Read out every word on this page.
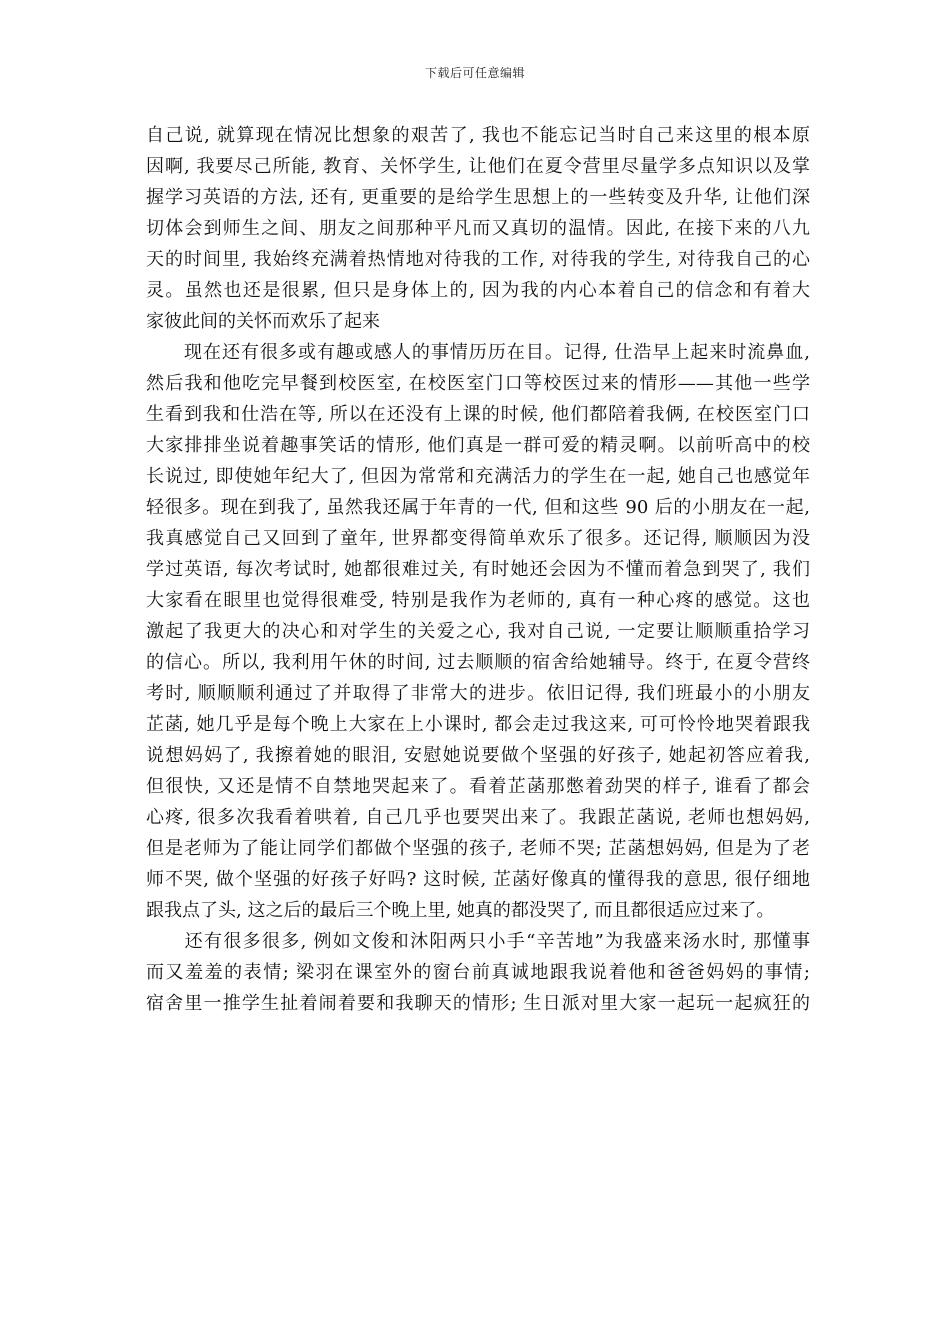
下载后可任意编辑
自己说, 就算现在情况比想象的艰苦了, 我也不能忘记当时自己来这里的根本原
因啊, 我要尽己所能, 教育、关怀学生, 让他们在夏令营里尽量学多点知识以及掌
握学习英语的方法, 还有, 更重要的是给学生思想上的一些转变及升华, 让他们深
切体会到师生之间、朋友之间那种平凡而又真切的温情。因此, 在接下来的八九
天的时间里, 我始终充满着热情地对待我的工作, 对待我的学生, 对待我自己的心
灵。虽然也还是很累, 但只是身体上的, 因为我的内心本着自己的信念和有着大
家彼此间的关怀而欢乐了起来
　　现在还有很多或有趣或感人的事情历历在目。记得, 仕浩早上起来时流鼻血,
然后我和他吃完早餐到校医室, 在校医室门口等校医过来的情形——其他一些学
生看到我和仕浩在等, 所以在还没有上课的时候, 他们都陪着我俩, 在校医室门口
大家排排坐说着趣事笑话的情形, 他们真是一群可爱的精灵啊。以前听高中的校
长说过, 即使她年纪大了, 但因为常常和充满活力的学生在一起, 她自己也感觉年
轻很多。现在到我了, 虽然我还属于年青的一代, 但和这些 90 后的小朋友在一起,
我真感觉自己又回到了童年, 世界都变得简单欢乐了很多。还记得, 顺顺因为没
学过英语, 每次考试时, 她都很难过关, 有时她还会因为不懂而着急到哭了, 我们
大家看在眼里也觉得很难受, 特别是我作为老师的, 真有一种心疼的感觉。这也
激起了我更大的决心和对学生的关爱之心, 我对自己说, 一定要让顺顺重拾学习
的信心。所以, 我利用午休的时间, 过去顺顺的宿舍给她辅导。终于, 在夏令营终
考时, 顺顺顺利通过了并取得了非常大的进步。依旧记得, 我们班最小的小朋友
芷菡, 她几乎是每个晚上大家在上小课时, 都会走过我这来, 可可怜怜地哭着跟我
说想妈妈了, 我擦着她的眼泪, 安慰她说要做个坚强的好孩子, 她起初答应着我,
但很快, 又还是情不自禁地哭起来了。看着芷菡那憋着劲哭的样子, 谁看了都会
心疼, 很多次我看着哄着, 自己几乎也要哭出来了。我跟芷菡说, 老师也想妈妈,
但是老师为了能让同学们都做个坚强的孩子, 老师不哭; 芷菡想妈妈, 但是为了老
师不哭, 做个坚强的好孩子好吗? 这时候, 芷菡好像真的懂得我的意思, 很仔细地
跟我点了头, 这之后的最后三个晚上里, 她真的都没哭了, 而且都很适应过来了。
　　还有很多很多, 例如文俊和沐阳两只小手“辛苦地”为我盛来汤水时, 那懂事
而又羞羞的表情; 梁羽在课室外的窗台前真诚地跟我说着他和爸爸妈妈的事情;
宿舍里一推学生扯着闹着要和我聊天的情形; 生日派对里大家一起玩一起疯狂的
